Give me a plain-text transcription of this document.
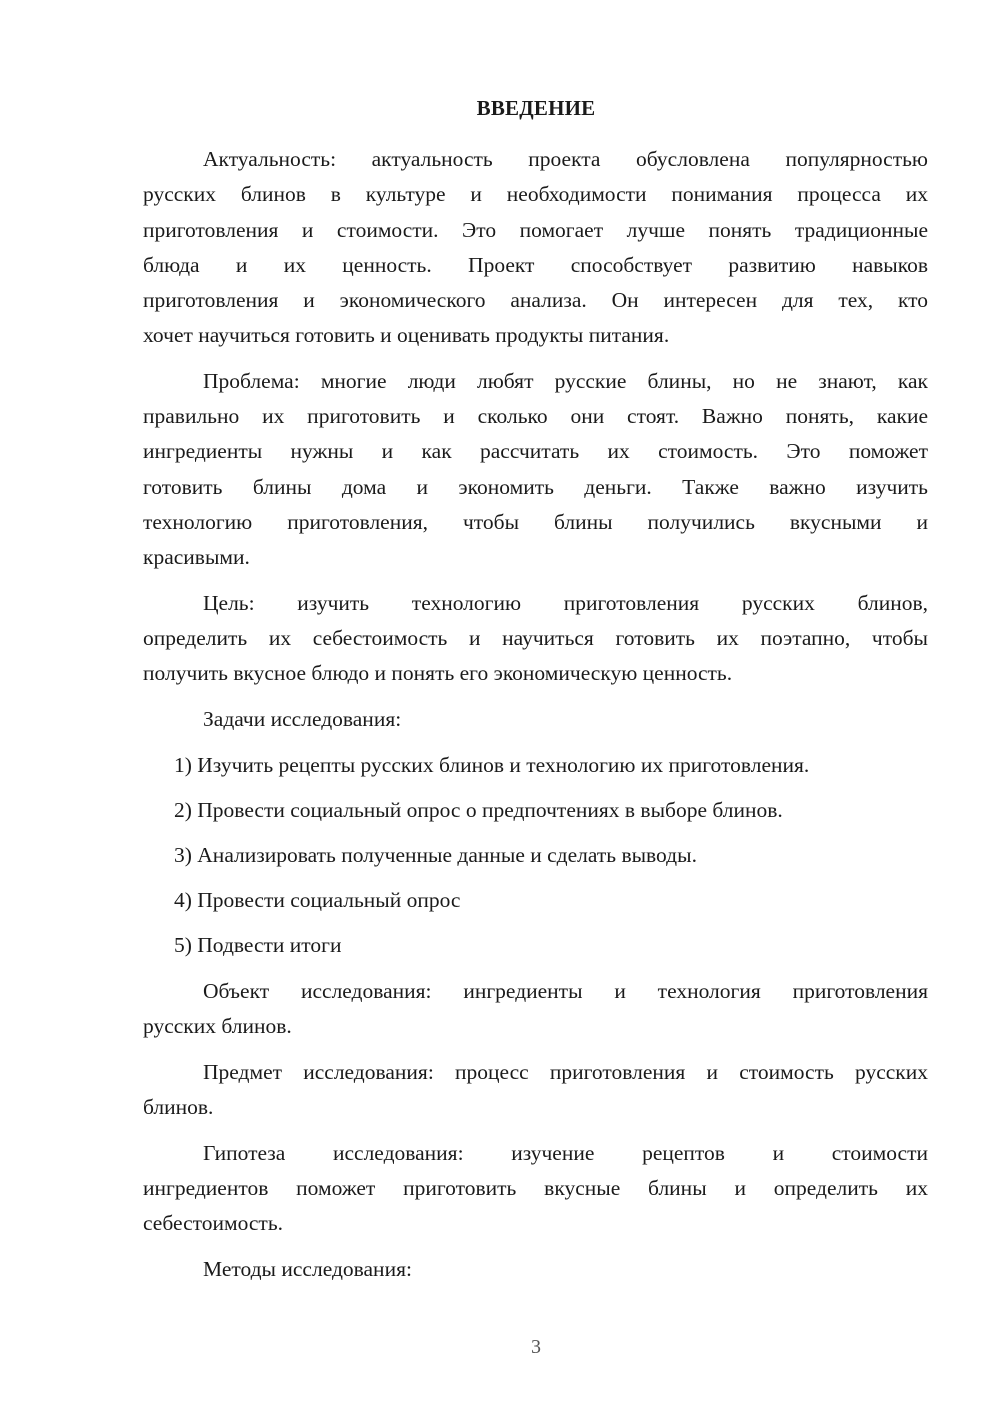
ВВЕДЕНИЕ
Актуальность: актуальность проекта обусловлена популярностью
русских блинов в культуре и необходимости понимания процесса их
приготовления и стоимости. Это помогает лучше понять традиционные
блюда и их ценность. Проект способствует развитию навыков
приготовления и экономического анализа. Он интересен для тех, кто
хочет научиться готовить и оценивать продукты питания.
Проблема: многие люди любят русские блины, но не знают, как
правильно их приготовить и сколько они стоят. Важно понять, какие
ингредиенты нужны и как рассчитать их стоимость. Это поможет
готовить блины дома и экономить деньги. Также важно изучить
технологию приготовления, чтобы блины получились вкусными и
красивыми.
Цель: изучить технологию приготовления русских блинов,
определить их себестоимость и научиться готовить их поэтапно, чтобы
получить вкусное блюдо и понять его экономическую ценность.
Задачи исследования:
1) Изучить рецепты русских блинов и технологию их приготовления.
2) Провести социальный опрос о предпочтениях в выборе блинов.
3) Анализировать полученные данные и сделать выводы.
4) Провести социальный опрос
5) Подвести итоги
Объект исследования: ингредиенты и технология приготовления
русских блинов.
Предмет исследования: процесс приготовления и стоимость русских
блинов.
Гипотеза исследования: изучение рецептов и стоимости
ингредиентов поможет приготовить вкусные блины и определить их
себестоимость.
Методы исследования:
3
